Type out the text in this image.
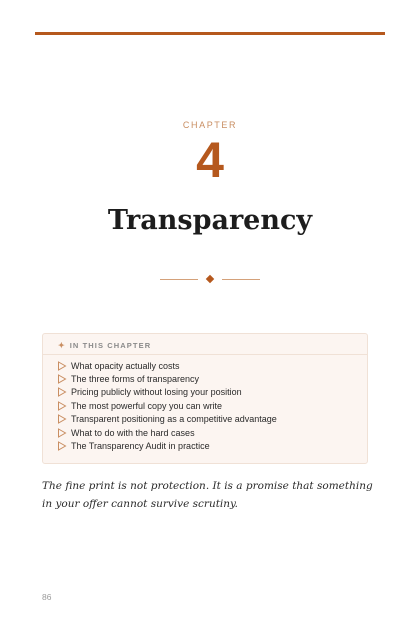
CHAPTER
4
Transparency
✦ IN THIS CHAPTER
What opacity actually costs
The three forms of transparency
Pricing publicly without losing your position
The most powerful copy you can write
Transparent positioning as a competitive advantage
What to do with the hard cases
The Transparency Audit in practice

The fine print is not protection. It is a promise that something in your offer cannot survive scrutiny.

86
